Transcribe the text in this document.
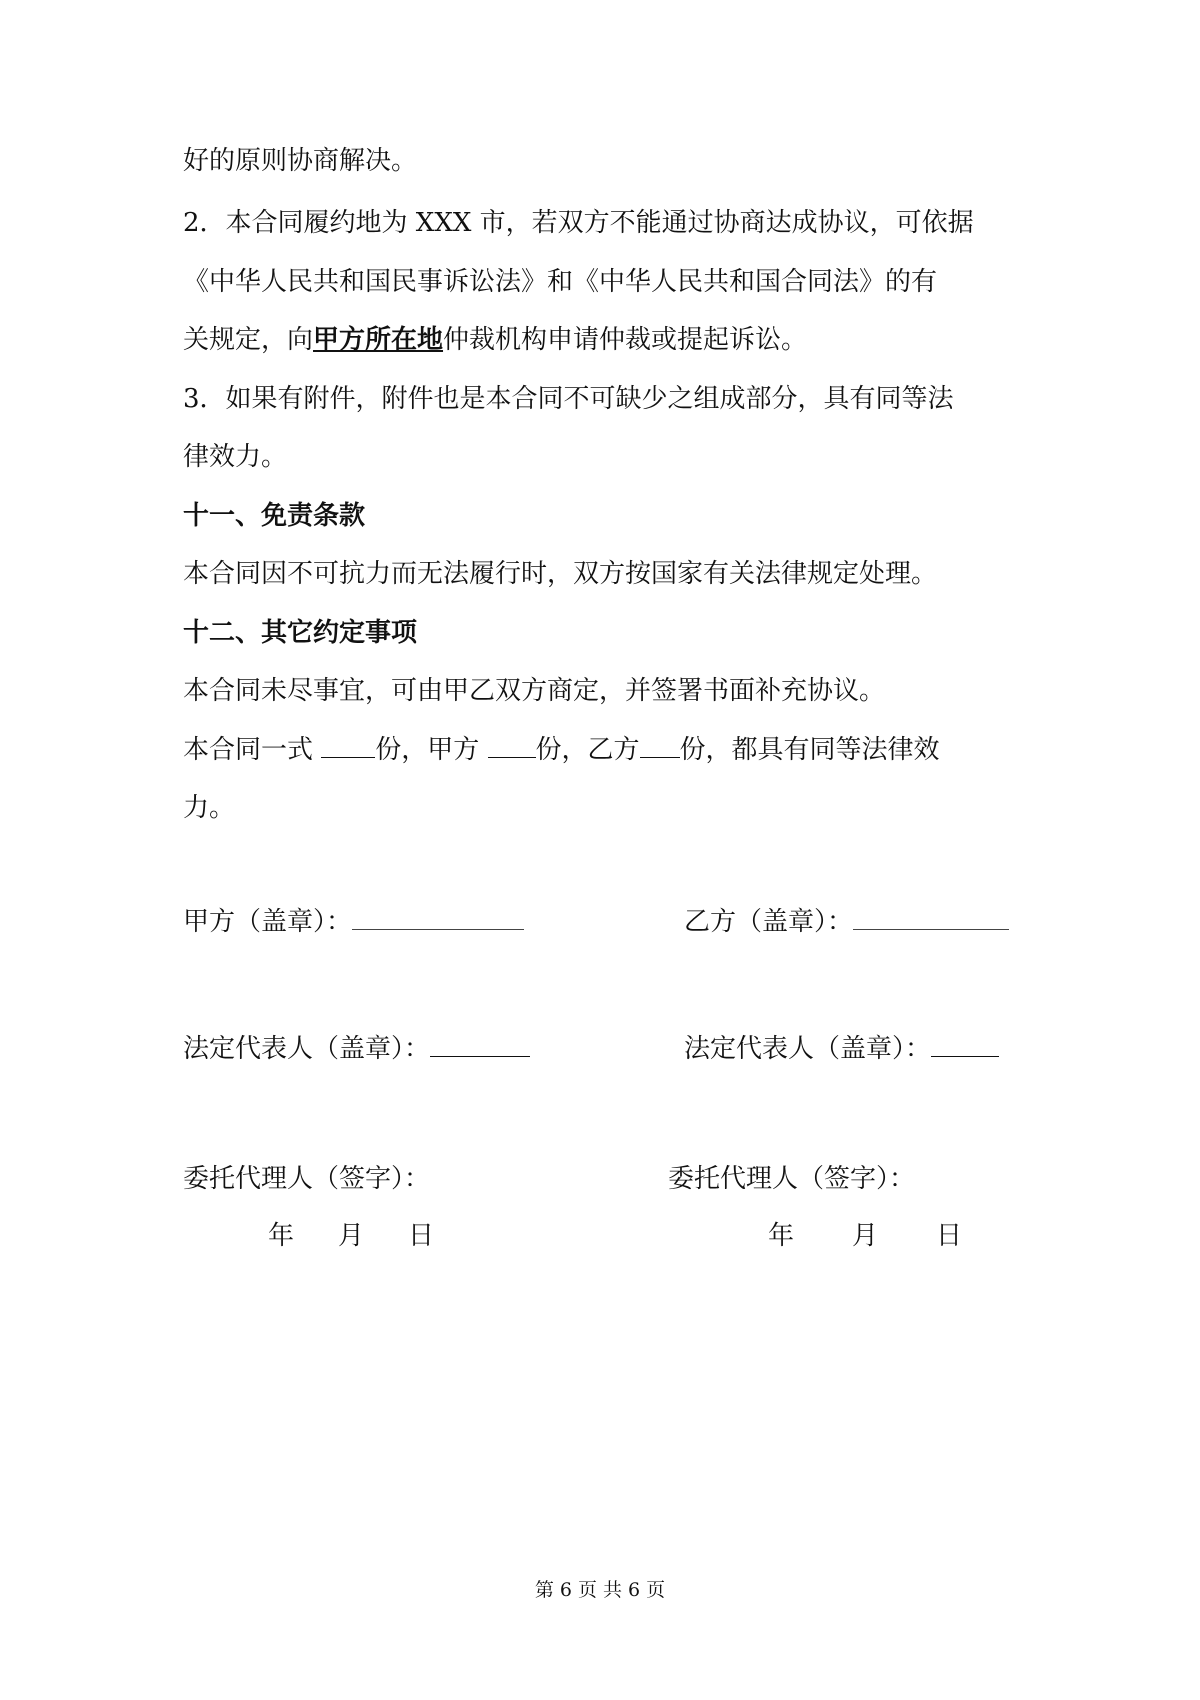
好的原则协商解决。

2．本合同履约地为 XXX 市，若双方不能通过协商达成协议，可依据

《中华人民共和国民事诉讼法》和《中华人民共和国合同法》的有

关规定，向甲方所在地仲裁机构申请仲裁或提起诉讼。

3．如果有附件，附件也是本合同不可缺少之组成部分，具有同等法

律效力。

十一、免责条款

本合同因不可抗力而无法履行时，双方按国家有关法律规定处理。

十二、其它约定事项

本合同未尽事宜，可由甲乙双方商定，并签署书面补充协议。

本合同一式 份，甲方 份，乙方 份，都具有同等法律效

力。

甲方（盖章）：	乙方（盖章）：

法定代表人（盖章）：	法定代表人（盖章）：

委托代理人（签字）：	委托代理人（签字）：

年 月 日	年 月 日

第 6 页 共 6 页
